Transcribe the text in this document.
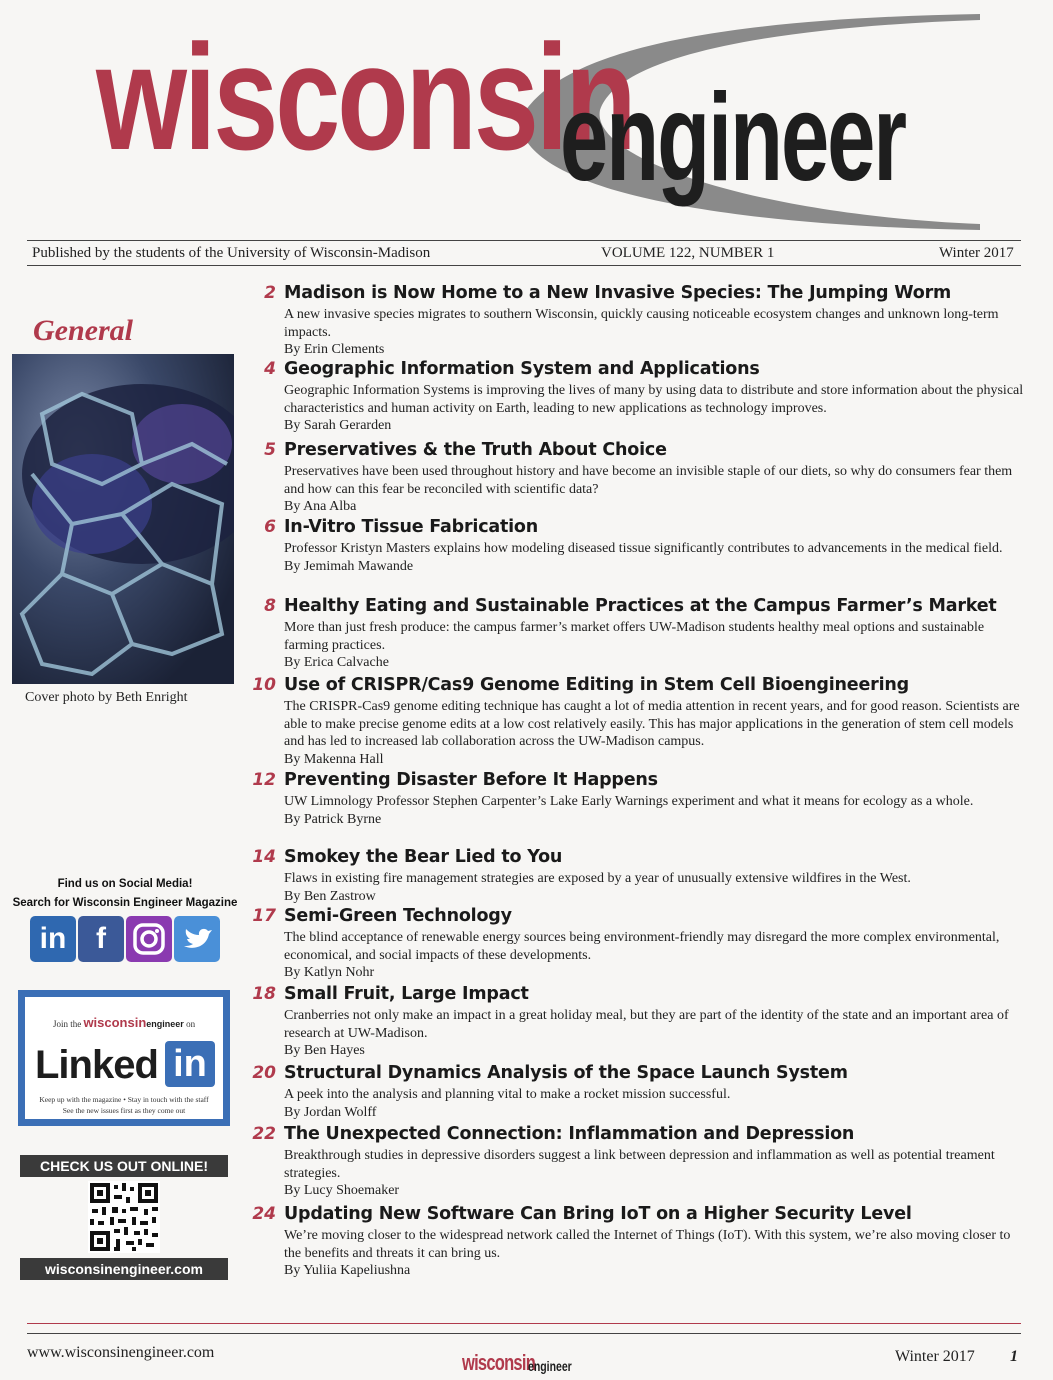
wisconsin
engineer
Published by the students of the University of Wisconsin-Madison	VOLUME 122, NUMBER 1	Winter 2017
General
Cover photo by Beth Enright
Find us on Social Media!
Search for Wisconsin Engineer Magazine
in f
Join the wisconsinengineer on
Linked in
Keep up with the magazine • Stay in touch with the staff
See the new issues first as they come out
CHECK US OUT ONLINE!
wisconsinengineer.com
2 Madison is Now Home to a New Invasive Species: The Jumping Worm
A new invasive species migrates to southern Wisconsin, quickly causing noticeable ecosystem changes and unknown long-term impacts.
By Erin Clements
4 Geographic Information System and Applications
Geographic Information Systems is improving the lives of many by using data to distribute and store information about the physical characteristics and human activity on Earth, leading to new applications as technology improves.
By Sarah Gerarden
5 Preservatives & the Truth About Choice
Preservatives have been used throughout history and have become an invisible staple of our diets, so why do consumers fear them and how can this fear be reconciled with scientific data?
By Ana Alba
6 In-Vitro Tissue Fabrication
Professor Kristyn Masters explains how modeling diseased tissue significantly contributes to advancements in the medical field.
By Jemimah Mawande
8 Healthy Eating and Sustainable Practices at the Campus Farmer’s Market
More than just fresh produce: the campus farmer’s market offers UW-Madison students healthy meal options and sustainable farming practices.
By Erica Calvache
10 Use of CRISPR/Cas9 Genome Editing in Stem Cell Bioengineering
The CRISPR-Cas9 genome editing technique has caught a lot of media attention in recent years, and for good reason. Scientists are able to make precise genome edits at a low cost relatively easily. This has major applications in the generation of stem cell models and has led to increased lab collaboration across the UW-Madison campus.
By Makenna Hall
12 Preventing Disaster Before It Happens
UW Limnology Professor Stephen Carpenter’s Lake Early Warnings experiment and what it means for ecology as a whole.
By Patrick Byrne
14 Smokey the Bear Lied to You
Flaws in existing fire management strategies are exposed by a year of unusually extensive wildfires in the West.
By Ben Zastrow
17 Semi-Green Technology
The blind acceptance of renewable energy sources being environment-friendly may disregard the more complex environmental, economical, and social impacts of these developments.
By Katlyn Nohr
18 Small Fruit, Large Impact
Cranberries not only make an impact in a great holiday meal, but they are part of the identity of the state and an important area of research at UW-Madison.
By Ben Hayes
20 Structural Dynamics Analysis of the Space Launch System
A peek into the analysis and planning vital to make a rocket mission successful.
By Jordan Wolff
22 The Unexpected Connection: Inflammation and Depression
Breakthrough studies in depressive disorders suggest a link between depression and inflammation as well as potential treament strategies.
By Lucy Shoemaker
24 Updating New Software Can Bring IoT on a Higher Security Level
We’re moving closer to the widespread network called the Internet of Things (IoT). With this system, we’re also moving closer to the benefits and threats it can bring us.
By Yuliia Kapeliushna
www.wisconsinengineer.com	wisconsin
engineer
Winter 2017 1
